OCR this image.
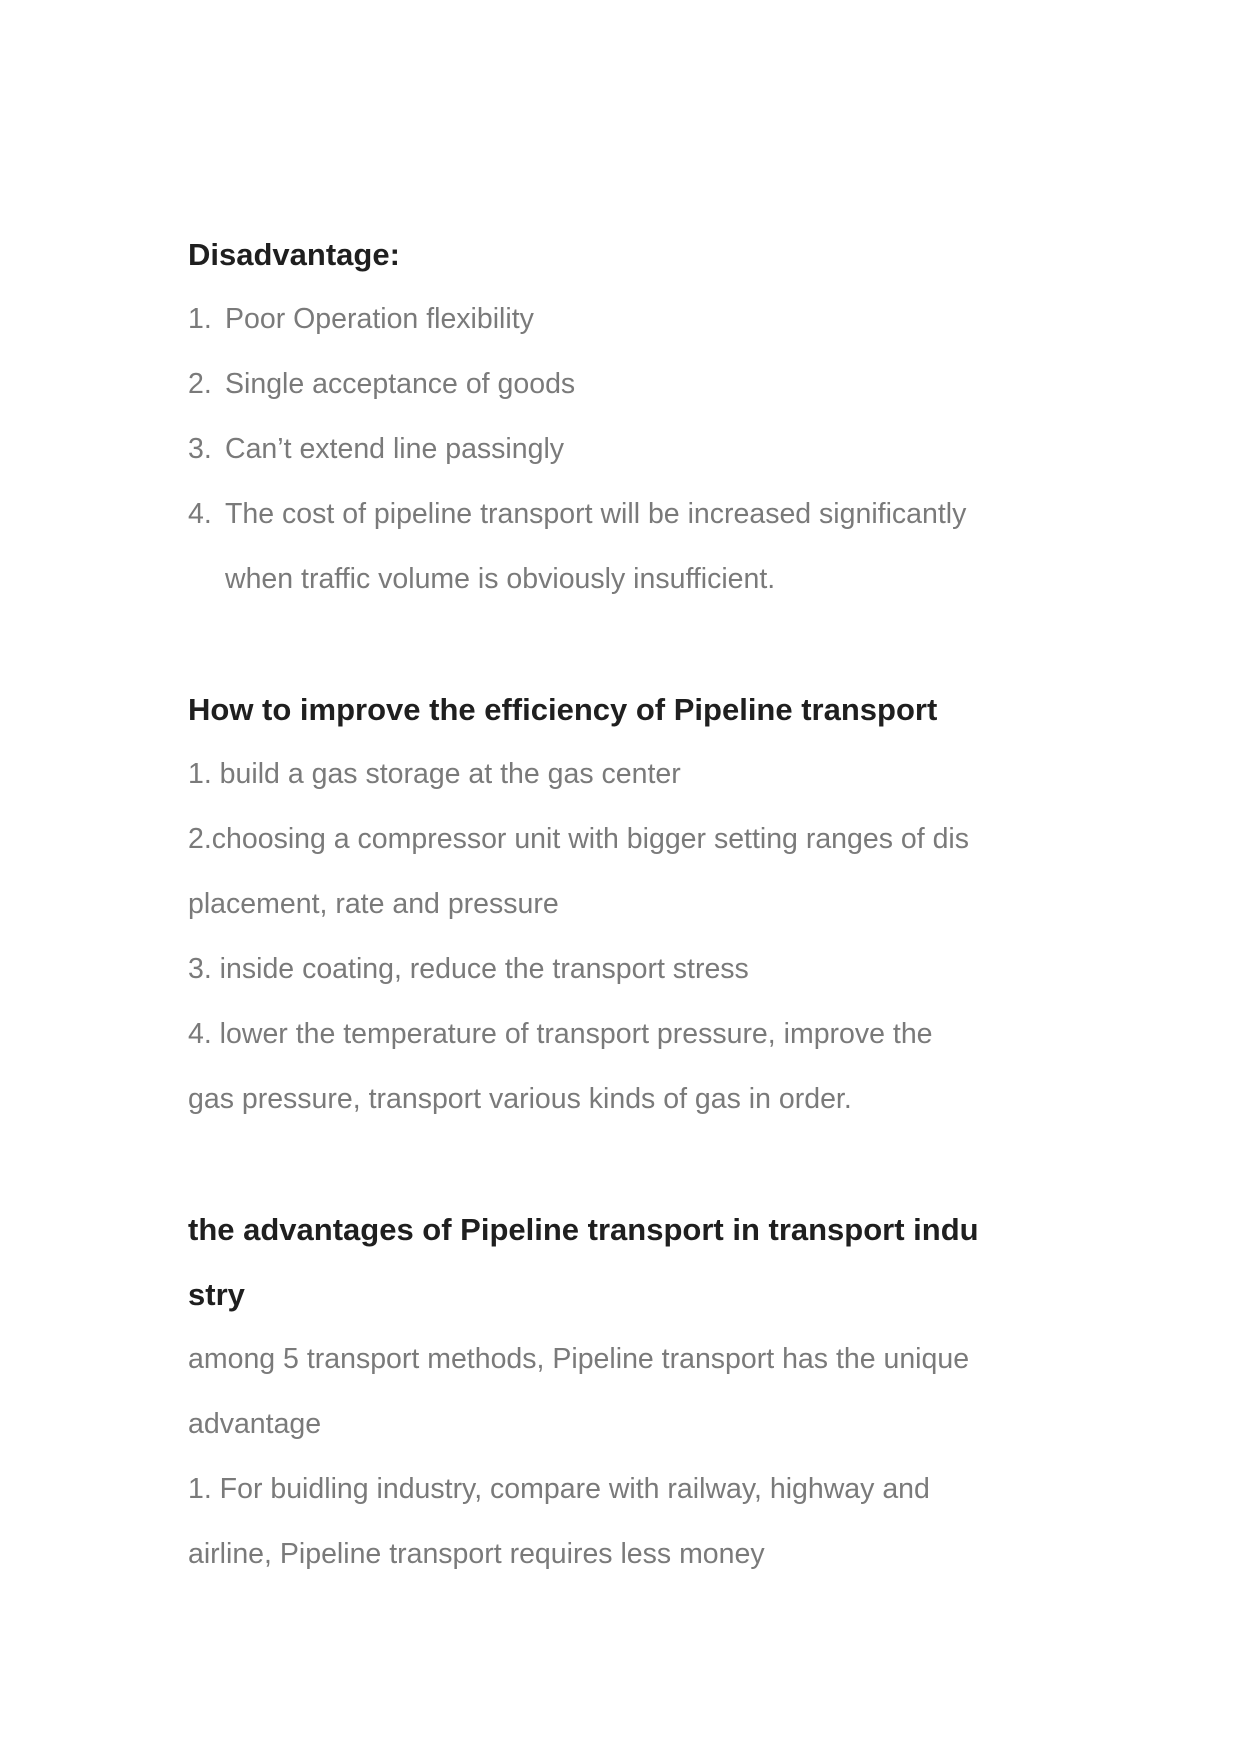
Disadvantage:
1. Poor Operation flexibility
2. Single acceptance of goods
3. Can’t extend line passingly
4. The cost of pipeline transport will be increased significantly
when traffic volume is obviously insufficient.
How to improve the efficiency of Pipeline transport
1. build a gas storage at the gas center
2.choosing a compressor unit with bigger setting ranges of dis
placement, rate and pressure
3. inside coating, reduce the transport stress
4. lower the temperature of transport pressure, improve the
gas pressure, transport various kinds of gas in order.
the advantages of Pipeline transport in transport indu
stry
among 5 transport methods, Pipeline transport has the unique
advantage
1. For buidling industry, compare with railway, highway and
airline, Pipeline transport requires less money
